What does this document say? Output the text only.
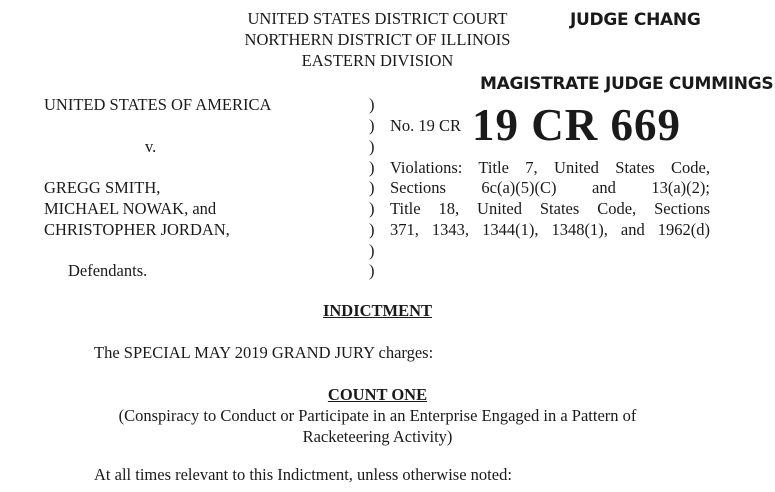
UNITED STATES DISTRICT COURT
NORTHERN DISTRICT OF ILLINOIS
EASTERN DIVISION
JUDGE CHANG
MAGISTRATE JUDGE CUMMINGS
19 CR 669
UNITED STATES OF AMERICA
v.
GREGG SMITH,
MICHAEL NOWAK, and
CHRISTOPHER JORDAN,
Defendants.
)
)
)
)
)
)
)
)
)
No. 19 CR
Violations: Title 7, United States Code,
Sections 6c(a)(5)(C) and 13(a)(2);
Title 18, United States Code, Sections
371, 1343, 1344(1), 1348(1), and 1962(d)
INDICTMENT
The SPECIAL MAY 2019 GRAND JURY charges:
COUNT ONE
(Conspiracy to Conduct or Participate in an Enterprise Engaged in a Pattern of
Racketeering Activity)
At all times relevant to this Indictment, unless otherwise noted:
